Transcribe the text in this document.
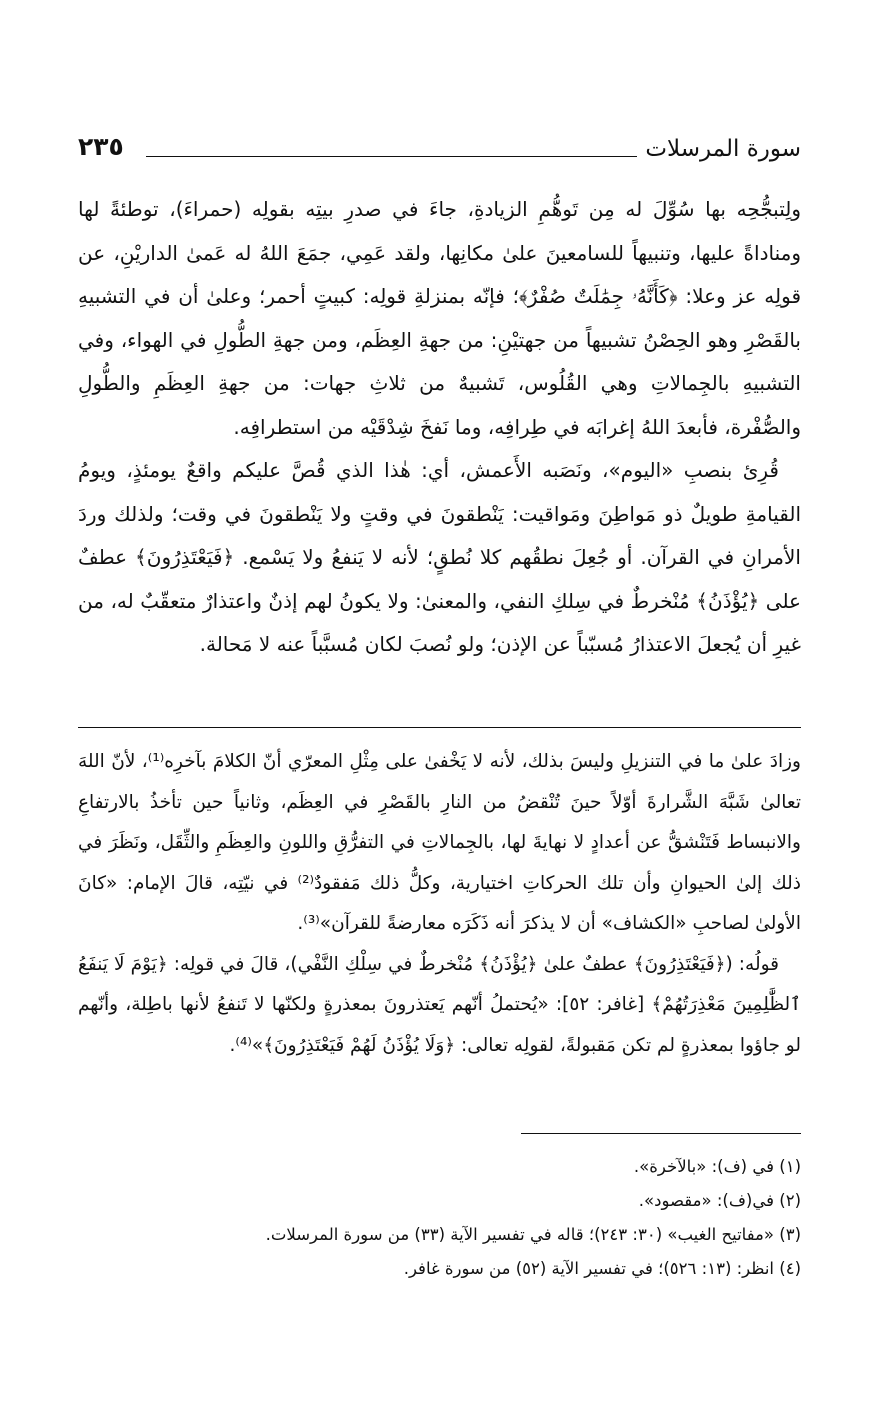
سورة المرسلات
٢٣٥

ولِتبجُّحِه بها سُوِّلَ له مِن تَوهُّمِ الزيادةِ، جاءَ في صدرِ بيتِه بقولِه (حمراءَ)، توطئةً لها ومناداةً عليها، وتنبيهاً للسامعينَ علىٰ مكانِها، ولقد عَمِي، جمَعَ اللهُ له عَمىٰ الداريْنِ، عن قولِه عز وعلا: ﴿كَأَنَّهُۥ جِمَٰلَتٌ صُفْرٌ﴾؛ فإنّه بمنزلةِ قولِه: كبيتٍ أحمر؛ وعلىٰ أن في التشبيهِ بالقَصْرِ وهو الحِصْنُ تشبيهاً من جهتيْنِ: من جهةِ العِظَم، ومن جهةِ الطُّولِ في الهواء، وفي التشبيهِ بالجِمالاتِ وهي القُلُوس، تَشبيهٌ من ثلاثِ جهات: من جهةِ العِظَمِ والطُّولِ والصُّفْرة، فأبعدَ اللهُ إغرابَه في طِرافِه، وما نَفخَ شِدْقَيْه من استطرافِه.

قُرِئ بنصبِ «اليوم»، ونَصَبه الأَعمش، أي: هٰذا الذي قُصَّ عليكم واقعٌ يومئذٍ، ويومُ القيامةِ طويلٌ ذو مَواطِنَ ومَواقيت: يَنْطقونَ في وقتٍ ولا يَنْطقونَ في وقت؛ ولذلك وردَ الأمرانِ في القرآن. أو جُعِلَ نطقُهم كلا نُطقٍ؛ لأنه لا يَنفعُ ولا يَسْمع. ﴿فَيَعْتَذِرُونَ﴾ عطفٌ على ﴿يُؤْذَنُ﴾ مُنْخرطٌ في سِلكِ النفي، والمعنىٰ: ولا يكونُ لهم إذنٌ واعتذارٌ متعقّبٌ له، من غيرِ أن يُجعلَ الاعتذارُ مُسبّباً عن الإذن؛ ولو نُصبَ لكان مُسبَّباً عنه لا مَحالة.

وزادَ علىٰ ما في التنزيلِ وليسَ بذلك، لأنه لا يَخْفىٰ على مِثْلِ المعرّي أنّ الكلامَ بآخرِه⁽¹⁾، لأنّ اللهَ تعالىٰ شَبَّهَ الشَّرارةَ أوّلاً حينَ تُنْقضُ من النارِ بالقَصْرِ في العِظَم، وثانياً حين تأخذُ بالارتفاعِ والانبساط فَتَنْشقُّ عن أعدادٍ لا نهايةَ لها، بالجِمالاتِ في التفرُّقِ واللونِ والعِظَمِ والثِّقَل، ونَظَرَ في ذلك إلىٰ الحيوانِ وأن تلك الحركاتِ اختيارية، وكلُّ ذلك مَفقودٌ⁽²⁾ في نيّتِه، قالَ الإمام: «كانَ الأولىٰ لصاحبِ «الكشاف» أن لا يذكرَ أنه ذَكَرَه معارضةً للقرآن»⁽³⁾.

قولُه: (﴿فَيَعْتَذِرُونَ﴾ عطفٌ علىٰ ﴿يُؤْذَنُ﴾ مُنْخرطٌ في سِلْكِ النَّفْي)، قالَ في قولِه: ﴿يَوْمَ لَا يَنفَعُ ٱلظَّٰلِمِينَ مَعْذِرَتُهُمْ﴾ [غافر: ٥٢]: «يُحتملُ أنّهم يَعتذرونَ بمعذرةٍ ولكنّها لا تَنفعُ لأنها باطِلة، وأنّهم لو جاؤوا بمعذرةٍ لم تكن مَقبولةً، لقولِه تعالى: ﴿وَلَا يُؤْذَنُ لَهُمْ فَيَعْتَذِرُونَ﴾»⁽⁴⁾.

(١) في (ف): «بالآخرة».
(٢) في(ف): «مقصود».
(٣) «مفاتيح الغيب» (٣٠: ٢٤٣)؛ قاله في تفسير الآية (٣٣) من سورة المرسلات.
(٤) انظر: (١٣: ٥٢٦)؛ في تفسير الآية (٥٢) من سورة غافر.
